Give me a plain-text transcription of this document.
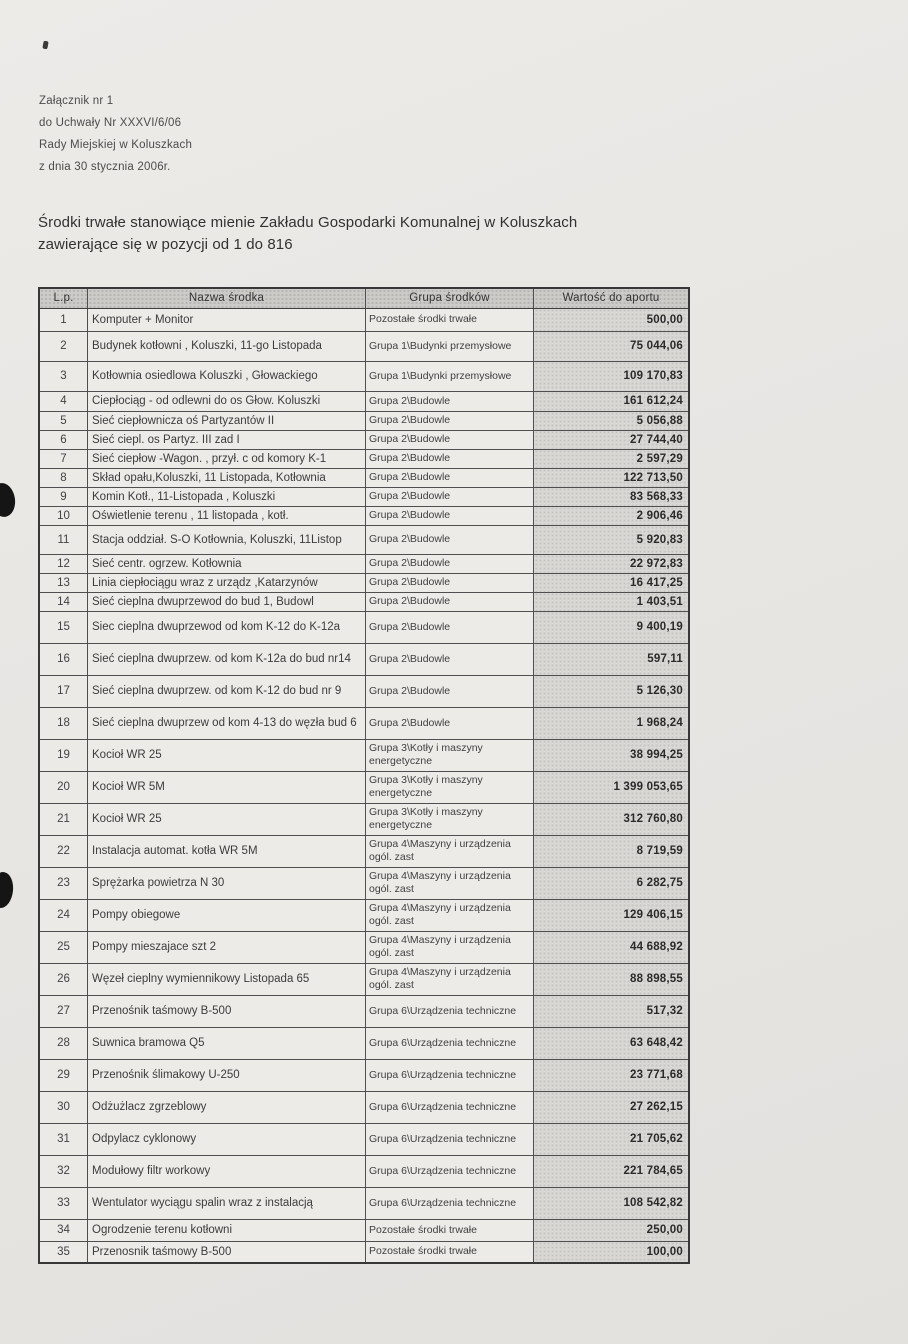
Załącznik nr 1
do Uchwały Nr XXXVI/6/06
Rady Miejskiej w Koluszkach
z dnia 30 stycznia 2006r.
Środki trwałe stanowiące mienie Zakładu Gospodarki Komunalnej w Koluszkach
zawierające się w pozycji od 1 do 816
L.p.	Nazwa środka	Grupa środków	Wartość do aportu
1	Komputer + Monitor	Pozostałe środki trwałe	500,00
2	Budynek kotłowni , Koluszki, 11-go Listopada	Grupa 1\Budynki przemysłowe	75 044,06
3	Kotłownia osiedlowa Koluszki , Głowackiego	Grupa 1\Budynki przemysłowe	109 170,83
4	Ciepłociąg - od odlewni do os Głow. Koluszki	Grupa 2\Budowle	161 612,24
5	Sieć ciepłownicza oś Partyzantów II	Grupa 2\Budowle	5 056,88
6	Sieć ciepl. os Partyz. III zad I	Grupa 2\Budowle	27 744,40
7	Sieć ciepłow -Wagon. , przył. c od komory K-1	Grupa 2\Budowle	2 597,29
8	Skład opału,Koluszki, 11 Listopada, Kotłownia	Grupa 2\Budowle	122 713,50
9	Komin Kotł., 11-Listopada , Koluszki	Grupa 2\Budowle	83 568,33
10	Oświetlenie terenu , 11 listopada , kotł.	Grupa 2\Budowle	2 906,46
11	Stacja oddział. S-O Kotłownia, Koluszki, 11Listop	Grupa 2\Budowle	5 920,83
12	Sieć centr. ogrzew. Kotłownia	Grupa 2\Budowle	22 972,83
13	Linia ciepłociągu wraz z urządz ,Katarzynów	Grupa 2\Budowle	16 417,25
14	Sieć cieplna dwuprzewod do bud 1, Budowl	Grupa 2\Budowle	1 403,51
15	Siec cieplna dwuprzewod od kom K-12 do K-12a	Grupa 2\Budowle	9 400,19
16	Sieć cieplna dwuprzew. od kom K-12a do bud nr14	Grupa 2\Budowle	597,11
17	Sieć cieplna dwuprzew. od kom K-12 do bud nr 9	Grupa 2\Budowle	5 126,30
18	Sieć cieplna dwuprzew od kom 4-13 do węzła bud 6	Grupa 2\Budowle	1 968,24
19	Kocioł WR 25	Grupa 3\Kotły i maszyny energetyczne	38 994,25
20	Kocioł WR 5M	Grupa 3\Kotły i maszyny energetyczne	1 399 053,65
21	Kocioł WR 25	Grupa 3\Kotły i maszyny energetyczne	312 760,80
22	Instalacja automat. kotła WR 5M	Grupa 4\Maszyny i urządzenia ogól. zast	8 719,59
23	Sprężarka powietrza N 30	Grupa 4\Maszyny i urządzenia ogól. zast	6 282,75
24	Pompy obiegowe	Grupa 4\Maszyny i urządzenia ogól. zast	129 406,15
25	Pompy mieszajace szt 2	Grupa 4\Maszyny i urządzenia ogól. zast	44 688,92
26	Węzeł cieplny wymiennikowy Listopada 65	Grupa 4\Maszyny i urządzenia ogól. zast	88 898,55
27	Przenośnik taśmowy B-500	Grupa 6\Urządzenia techniczne	517,32
28	Suwnica bramowa Q5	Grupa 6\Urządzenia techniczne	63 648,42
29	Przenośnik ślimakowy U-250	Grupa 6\Urządzenia techniczne	23 771,68
30	Odżużlacz zgrzeblowy	Grupa 6\Urządzenia techniczne	27 262,15
31	Odpylacz cyklonowy	Grupa 6\Urządzenia techniczne	21 705,62
32	Modułowy filtr workowy	Grupa 6\Urządzenia techniczne	221 784,65
33	Wentulator wyciągu spalin wraz z instalacją	Grupa 6\Urządzenia techniczne	108 542,82
34	Ogrodzenie terenu kotłowni	Pozostałe środki trwałe	250,00
35	Przenosnik taśmowy B-500	Pozostałe środki trwałe	100,00
